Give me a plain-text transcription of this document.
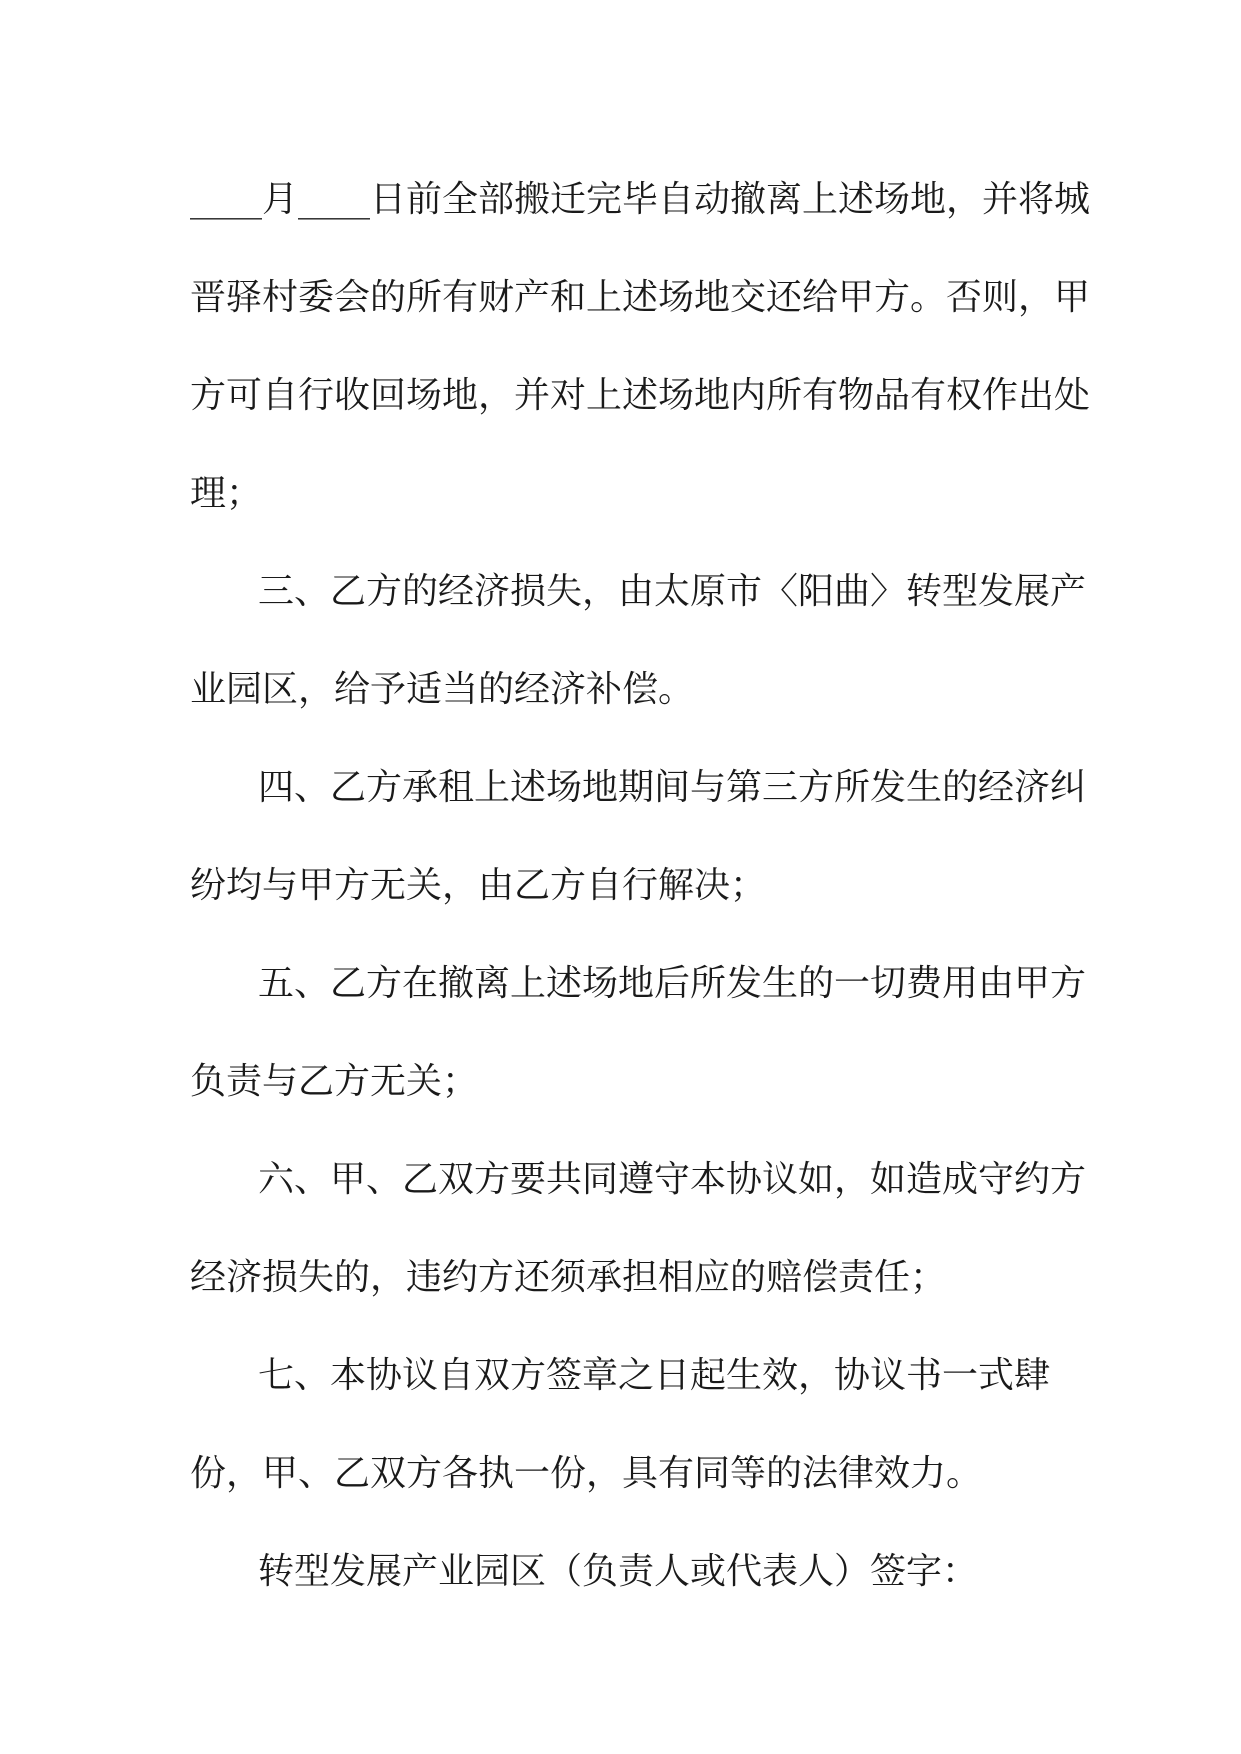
____月____日前全部搬迁完毕自动撤离上述场地，并将城
晋驿村委会的所有财产和上述场地交还给甲方。否则，甲
方可自行收回场地，并对上述场地内所有物品有权作出处
理；
三、乙方的经济损失，由太原市〈阳曲〉转型发展产
业园区，给予适当的经济补偿。
四、乙方承租上述场地期间与第三方所发生的经济纠
纷均与甲方无关，由乙方自行解决；
五、乙方在撤离上述场地后所发生的一切费用由甲方
负责与乙方无关；
六、甲、乙双方要共同遵守本协议如，如造成守约方
经济损失的，违约方还须承担相应的赔偿责任；
七、本协议自双方签章之日起生效，协议书一式肆
份，甲、乙双方各执一份，具有同等的法律效力。
转型发展产业园区（负责人或代表人）签字：
